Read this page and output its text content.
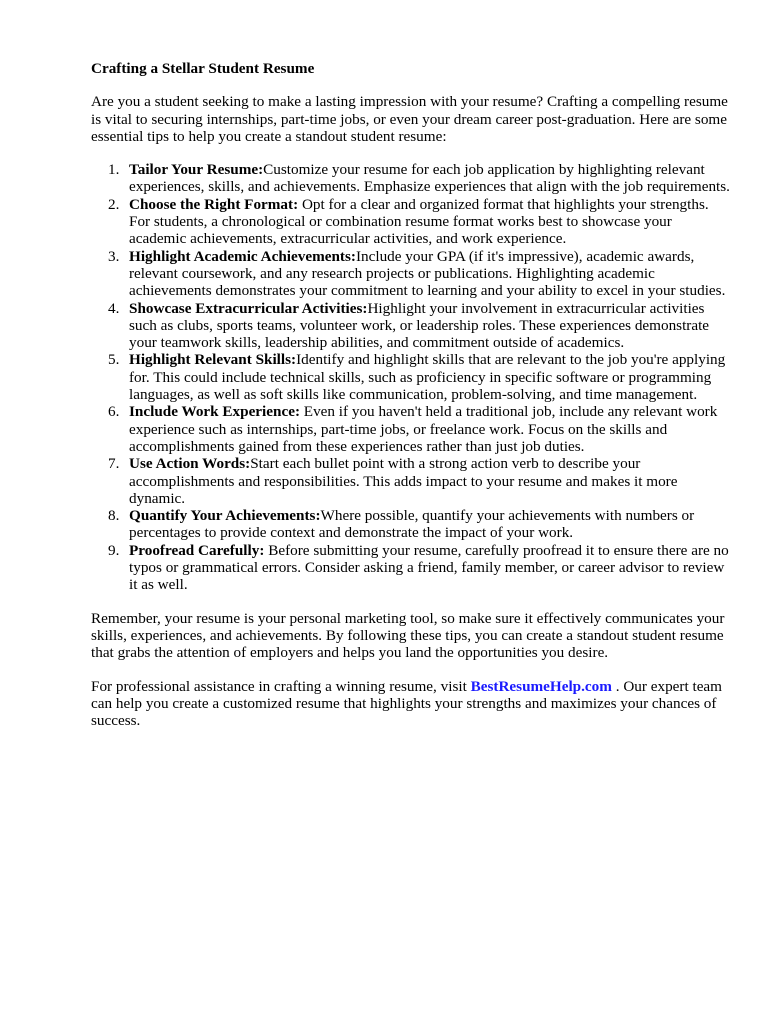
Crafting a Stellar Student Resume

Are you a student seeking to make a lasting impression with your resume? Crafting a compelling resume is vital to securing internships, part-time jobs, or even your dream career post-graduation. Here are some essential tips to help you create a standout student resume:

1. Tailor Your Resume:Customize your resume for each job application by highlighting relevant experiences, skills, and achievements. Emphasize experiences that align with the job requirements.
2. Choose the Right Format: Opt for a clear and organized format that highlights your strengths. For students, a chronological or combination resume format works best to showcase your academic achievements, extracurricular activities, and work experience.
3. Highlight Academic Achievements:Include your GPA (if it's impressive), academic awards, relevant coursework, and any research projects or publications. Highlighting academic achievements demonstrates your commitment to learning and your ability to excel in your studies.
4. Showcase Extracurricular Activities:Highlight your involvement in extracurricular activities such as clubs, sports teams, volunteer work, or leadership roles. These experiences demonstrate your teamwork skills, leadership abilities, and commitment outside of academics.
5. Highlight Relevant Skills:Identify and highlight skills that are relevant to the job you're applying for. This could include technical skills, such as proficiency in specific software or programming languages, as well as soft skills like communication, problem-solving, and time management.
6. Include Work Experience: Even if you haven't held a traditional job, include any relevant work experience such as internships, part-time jobs, or freelance work. Focus on the skills and accomplishments gained from these experiences rather than just job duties.
7. Use Action Words:Start each bullet point with a strong action verb to describe your accomplishments and responsibilities. This adds impact to your resume and makes it more dynamic.
8. Quantify Your Achievements:Where possible, quantify your achievements with numbers or percentages to provide context and demonstrate the impact of your work.
9. Proofread Carefully: Before submitting your resume, carefully proofread it to ensure there are no typos or grammatical errors. Consider asking a friend, family member, or career advisor to review it as well.

Remember, your resume is your personal marketing tool, so make sure it effectively communicates your skills, experiences, and achievements. By following these tips, you can create a standout student resume that grabs the attention of employers and helps you land the opportunities you desire.

For professional assistance in crafting a winning resume, visit BestResumeHelp.com . Our expert team can help you create a customized resume that highlights your strengths and maximizes your chances of success.
